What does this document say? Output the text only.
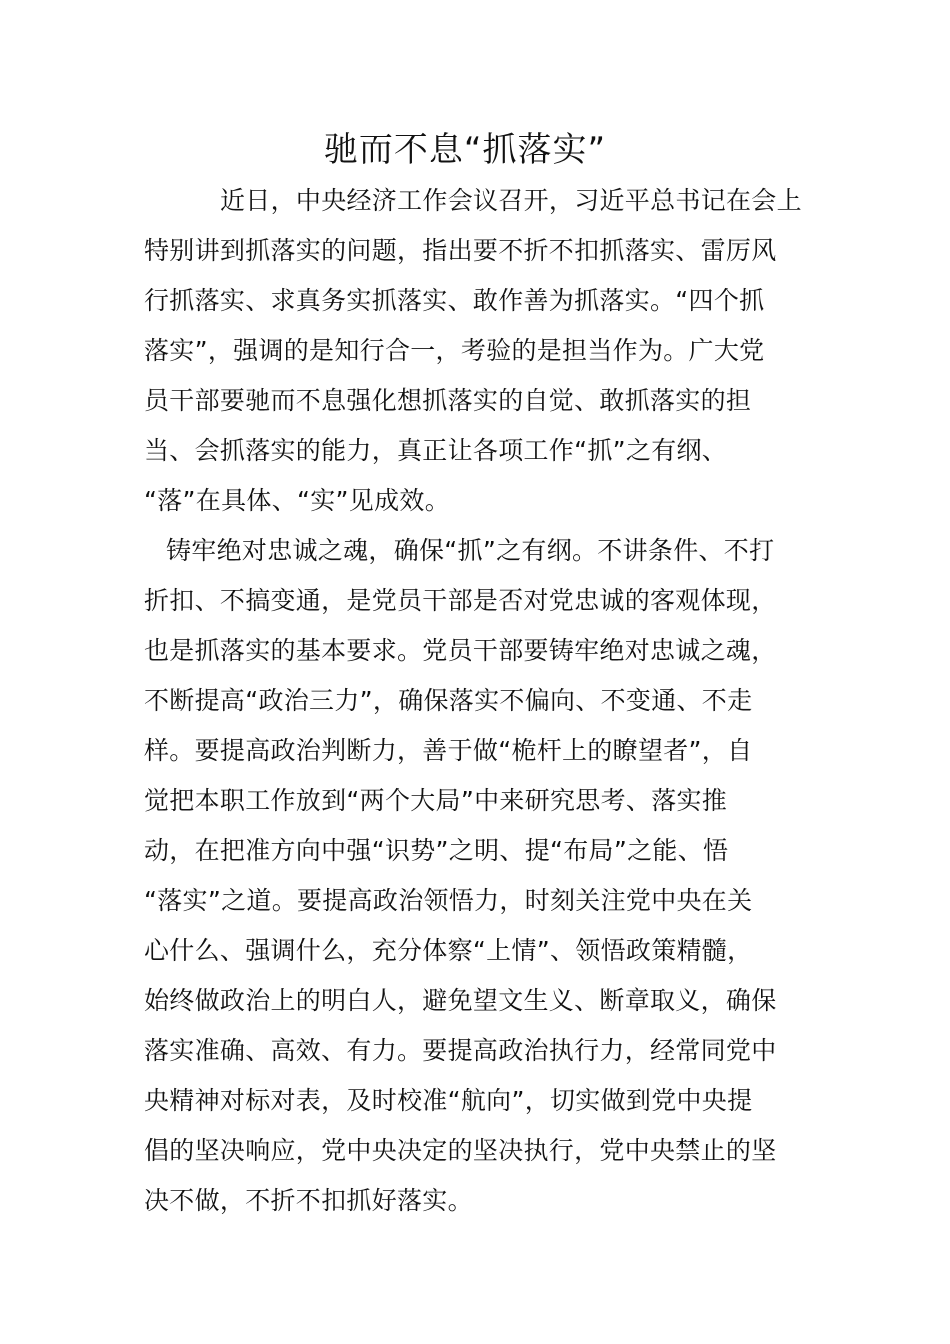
驰而不息“抓落实”
近日，中央经济工作会议召开，习近平总书记在会上
特别讲到抓落实的问题，指出要不折不扣抓落实、雷厉风
行抓落实、求真务实抓落实、敢作善为抓落实。“四个抓
落实”，强调的是知行合一，考验的是担当作为。广大党
员干部要驰而不息强化想抓落实的自觉、敢抓落实的担
当、会抓落实的能力，真正让各项工作“抓”之有纲、
“落”在具体、“实”见成效。
铸牢绝对忠诚之魂，确保“抓”之有纲。不讲条件、不打
折扣、不搞变通，是党员干部是否对党忠诚的客观体现，
也是抓落实的基本要求。党员干部要铸牢绝对忠诚之魂，
不断提高“政治三力”，确保落实不偏向、不变通、不走
样。要提高政治判断力，善于做“桅杆上的瞭望者”，自
觉把本职工作放到“两个大局”中来研究思考、落实推
动，在把准方向中强“识势”之明、提“布局”之能、悟
“落实”之道。要提高政治领悟力，时刻关注党中央在关
心什么、强调什么，充分体察“上情”、领悟政策精髓，
始终做政治上的明白人，避免望文生义、断章取义，确保
落实准确、高效、有力。要提高政治执行力，经常同党中
央精神对标对表，及时校准“航向”，切实做到党中央提
倡的坚决响应，党中央决定的坚决执行，党中央禁止的坚
决不做，不折不扣抓好落实。
